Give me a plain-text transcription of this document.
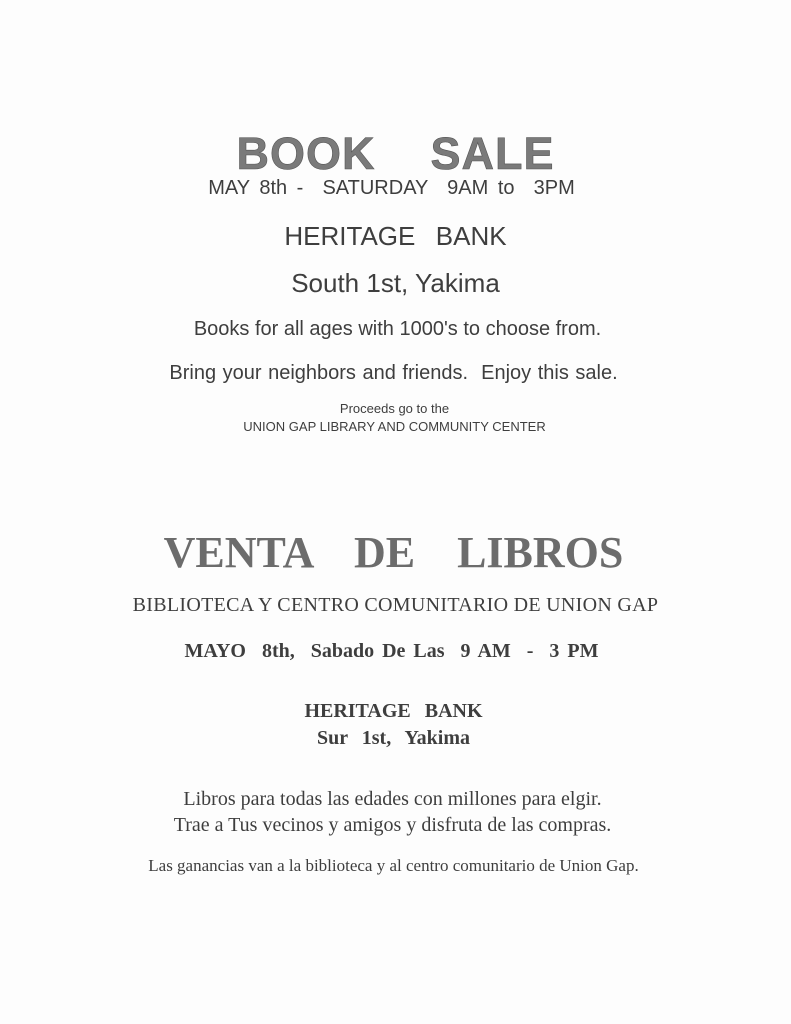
BOOK  SALE

MAY 8th -  SATURDAY  9AM to  3PM

HERITAGE  BANK

South 1st, Yakima

Books for all ages with 1000's to choose from.

Bring your neighbors and friends.  Enjoy this sale.

Proceeds go to the

UNION GAP LIBRARY AND COMMUNITY CENTER

VENTA  DE  LIBROS

BIBLIOTECA Y CENTRO COMUNITARIO DE UNION GAP

MAYO  8th,  Sabado De Las  9 AM  -  3 PM

HERITAGE  BANK

Sur  1st,  Yakima

Libros para todas las edades con millones para elgir.

Trae a Tus vecinos y amigos y disfruta de las compras.

Las ganancias van a la biblioteca y al centro comunitario de Union Gap.
